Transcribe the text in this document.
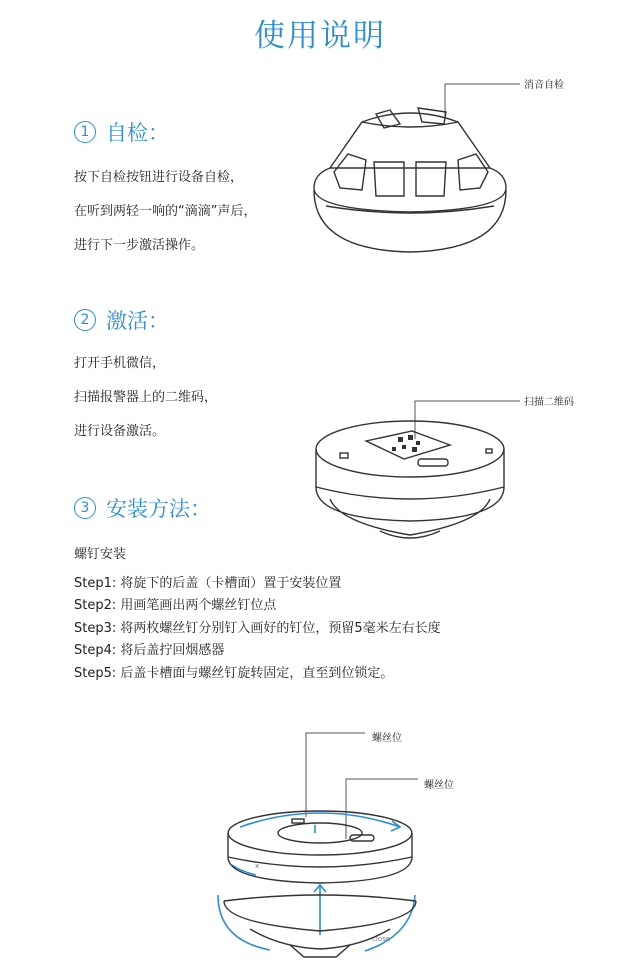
使用说明
1 自检：
按下自检按钮进行设备自检，
在听到两轻一响的“滴滴”声后，
进行下一步激活操作。
消音自检
2 激活：
打开手机微信，
扫描报警器上的二维码，
进行设备激活。
扫描二维码
3 安装方法：
螺钉安装
Step1: 将旋下的后盖（卡槽面）置于安装位置
Step2: 用画笔画出两个螺丝钉位点
Step3: 将两枚螺丝钉分别钉入画好的钉位，预留5毫米左右长度
Step4: 将后盖拧回烟感器
Step5: 后盖卡槽面与螺丝钉旋转固定，直至到位锁定。
螺丝位
螺丝位
x
close
